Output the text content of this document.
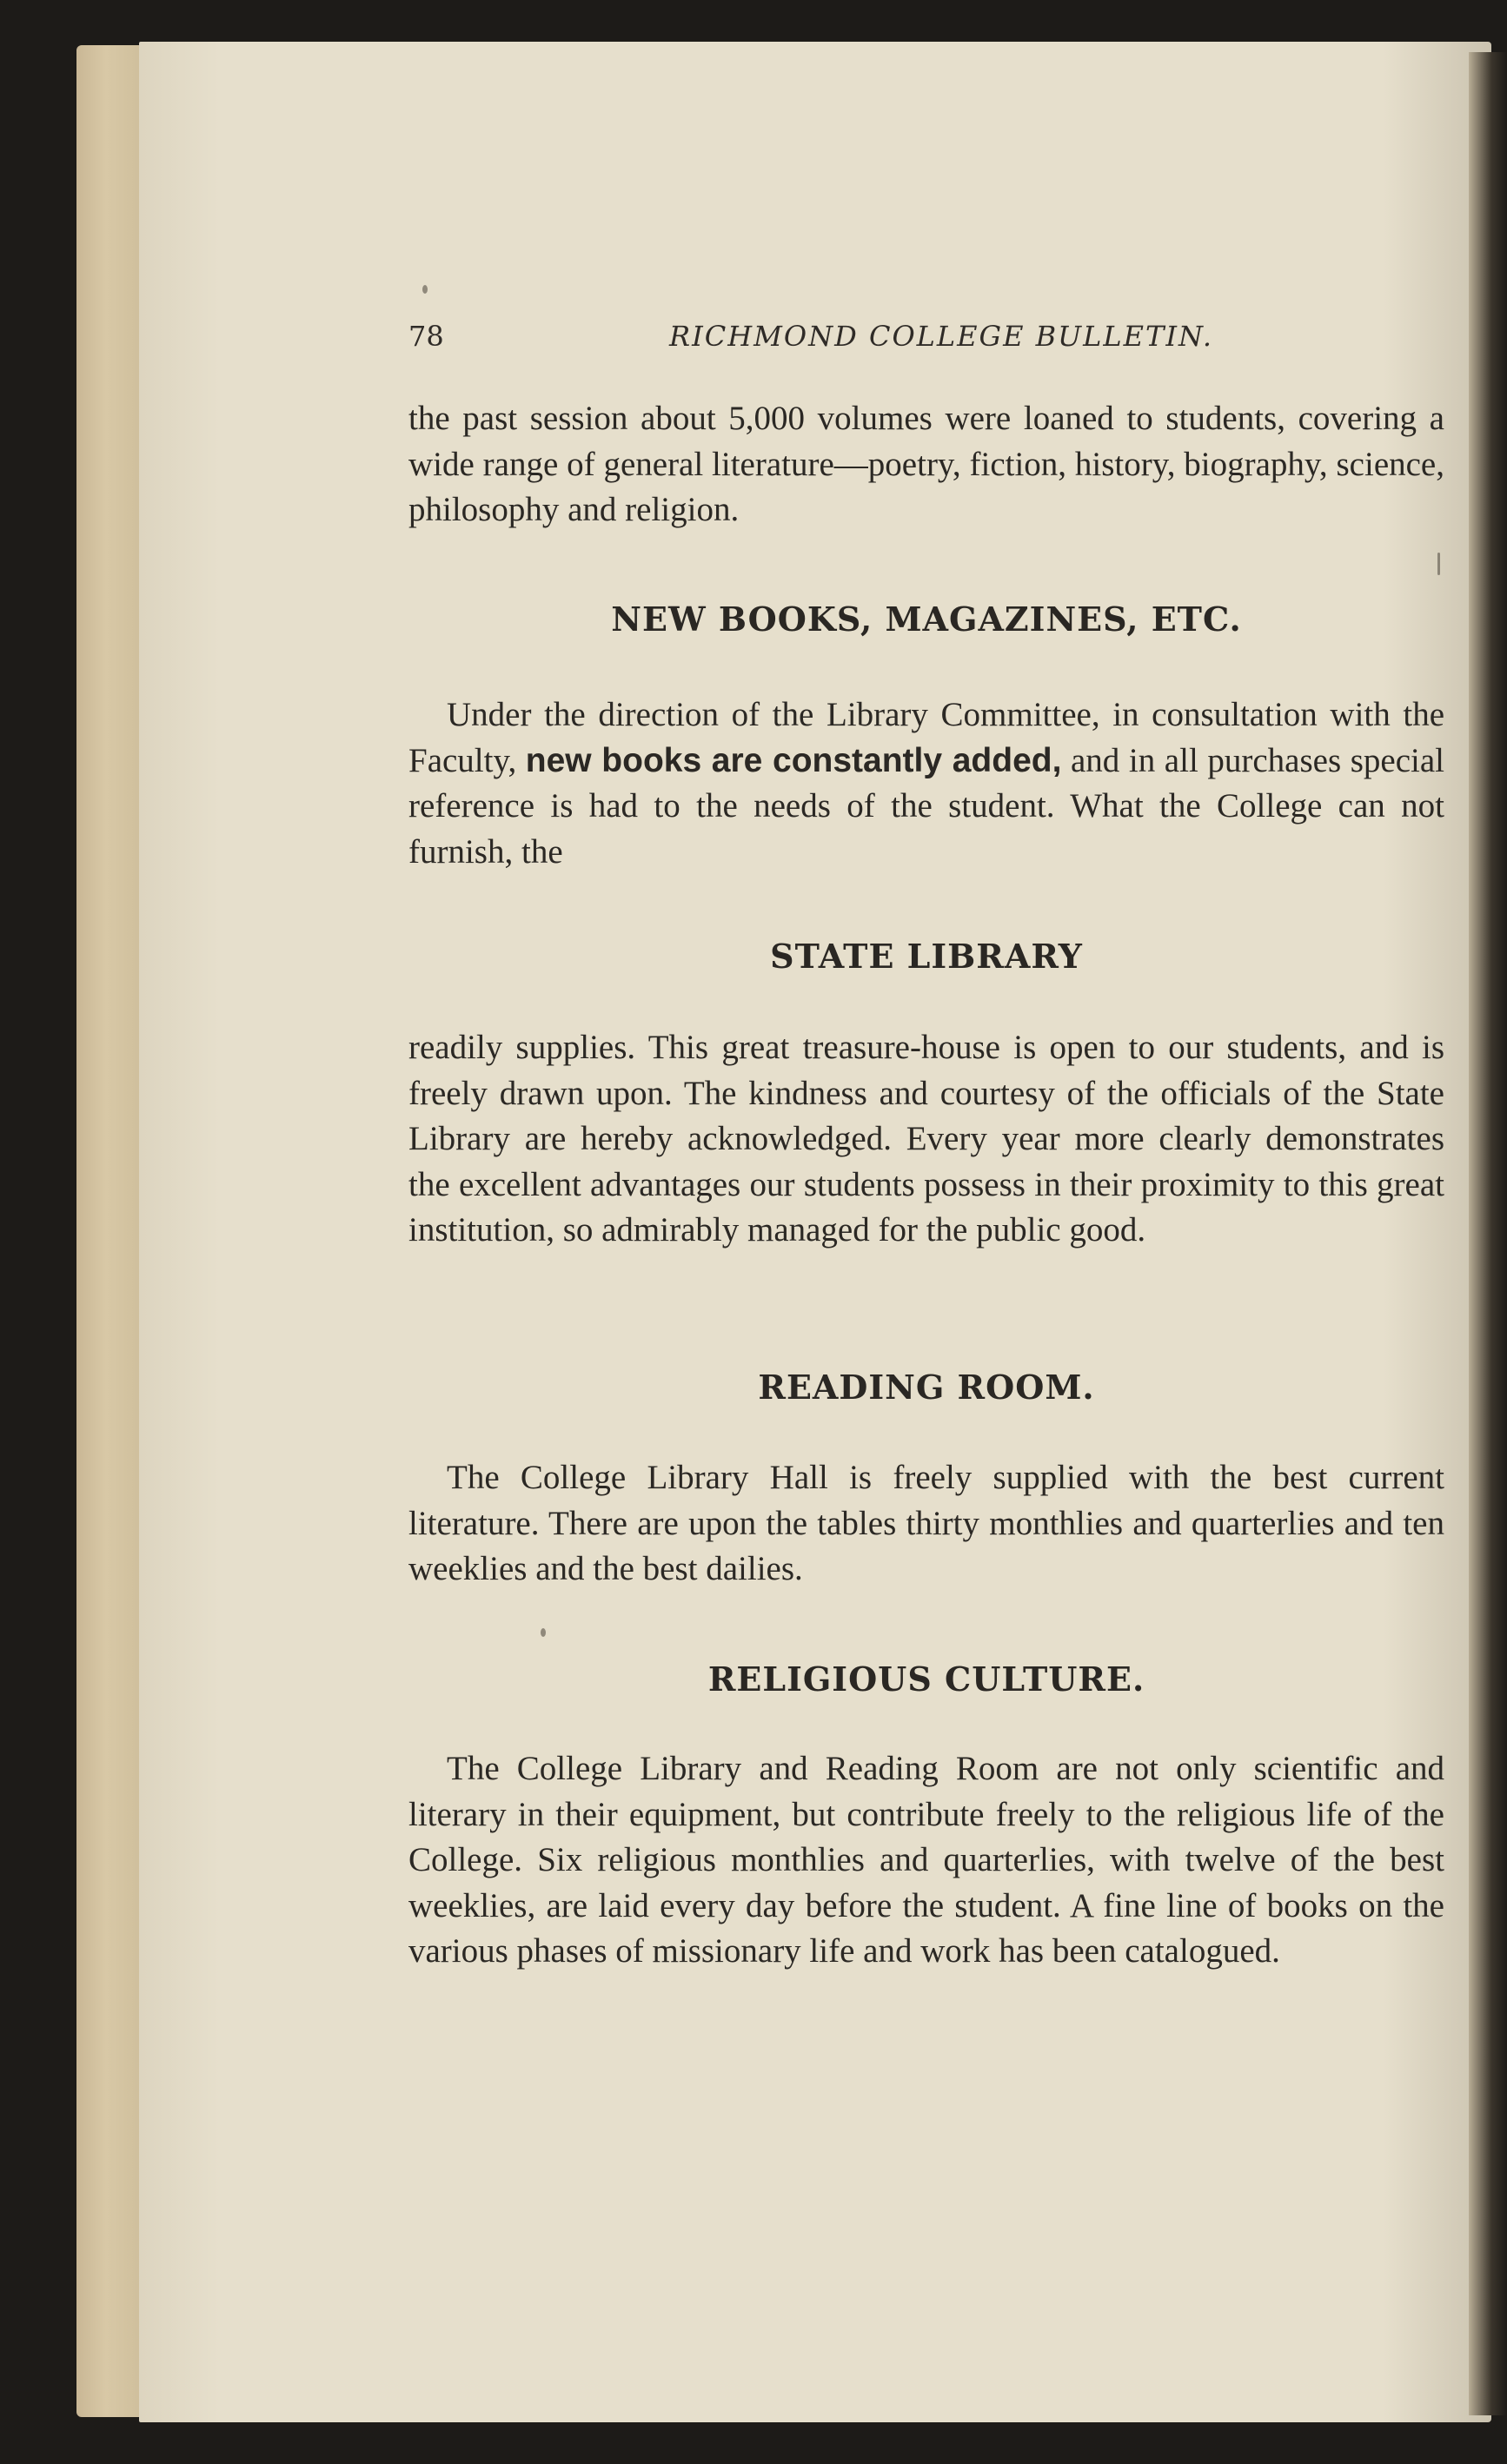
78	RICHMOND COLLEGE BULLETIN.

the past session about 5,000 volumes were loaned to students, covering a wide range of general literature—poetry, fiction, history, biography, science, philosophy and religion.

NEW BOOKS, MAGAZINES, ETC.

Under the direction of the Library Committee, in consultation with the Faculty, new books are constantly added, and in all purchases special reference is had to the needs of the student. What the College can not furnish, the

STATE LIBRARY

readily supplies. This great treasure-house is open to our students, and is freely drawn upon. The kindness and courtesy of the officials of the State Library are hereby acknowledged. Every year more clearly demonstrates the excellent advantages our students possess in their proximity to this great institution, so admirably managed for the public good.

READING ROOM.

The College Library Hall is freely supplied with the best current literature. There are upon the tables thirty monthlies and quarterlies and ten weeklies and the best dailies.

RELIGIOUS CULTURE.

The College Library and Reading Room are not only scientific and literary in their equipment, but contribute freely to the religious life of the College. Six religious monthlies and quarterlies, with twelve of the best weeklies, are laid every day before the student. A fine line of books on the various phases of missionary life and work has been catalogued.
